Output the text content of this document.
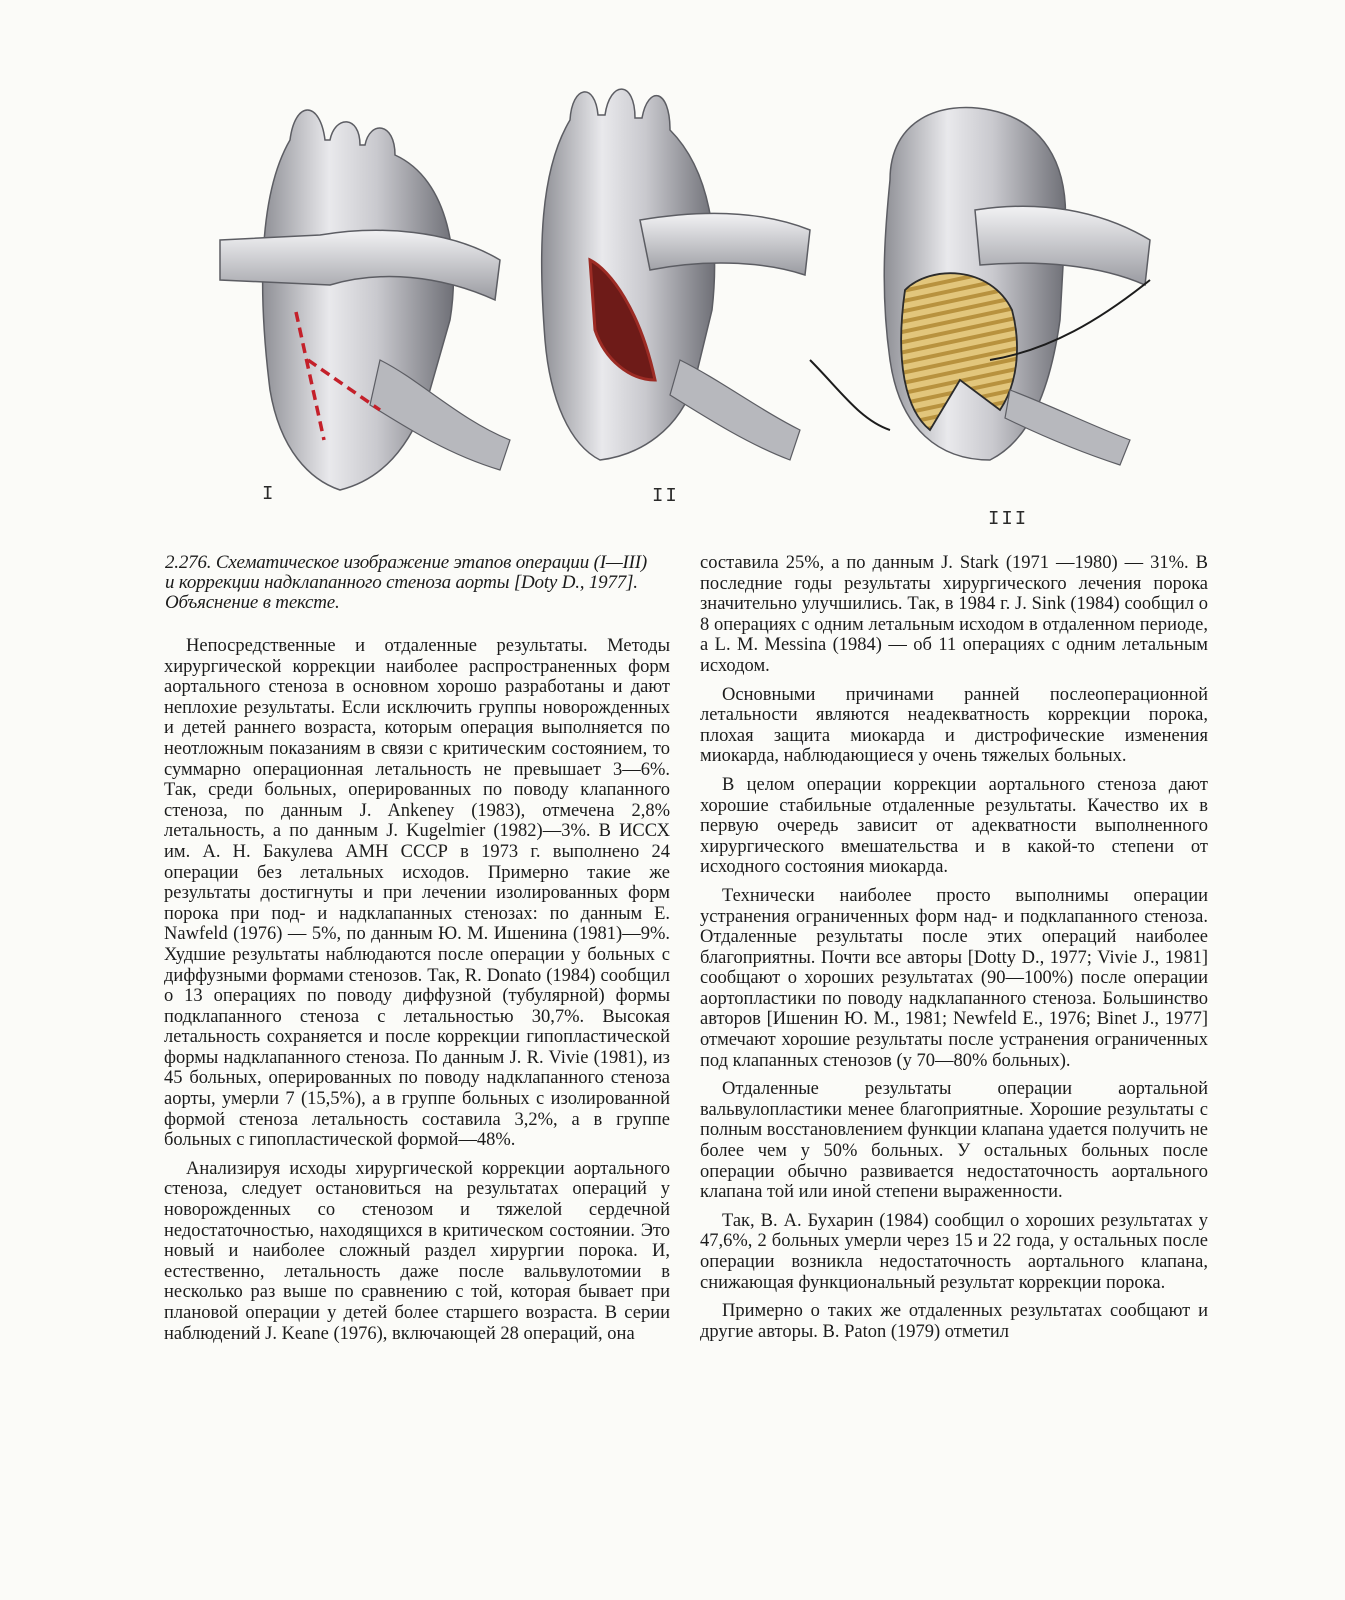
I	II
III
2.276. Схематическое изображение этапов операции (I—III)
и коррекции надклапанного стеноза аорты [Doty D., 1977].
Объяснение в тексте.

Непосредственные и отдаленные результаты. Методы хирургической коррекции наиболее распространенных форм аортального стеноза в основном хорошо разработаны и дают неплохие результаты. Если исключить группы новорожденных и детей раннего возраста, которым операция выполняется по неотложным показаниям в связи с критическим состоянием, то суммарно операционная летальность не превышает 3—6%. Так, среди больных, оперированных по поводу клапанного стеноза, по данным J. Ankeney (1983), отмечена 2,8% летальность, а по данным J. Kugelmier (1982)—3%. В ИССХ им. А. Н. Бакулева АМН СССР в 1973 г. выполнено 24 операции без летальных исходов. Примерно такие же результаты достигнуты и при лечении изолированных форм порока при под- и надклапанных стенозах: по данным Е. Nawfeld (1976) — 5%, по данным Ю. М. Ишенина (1981)—9%. Худшие результаты наблюдаются после операции у больных с диффузными формами стенозов. Так, R. Donato (1984) сообщил о 13 операциях по поводу диффузной (тубулярной) формы подклапанного стеноза с летальностью 30,7%. Высокая летальность сохраняется и после коррекции гипопластической формы надклапанного стеноза. По данным J. R. Vivie (1981), из 45 больных, оперированных по поводу надклапанного стеноза аорты, умерли 7 (15,5%), а в группе больных с изолированной формой стеноза летальность составила 3,2%, а в группе больных с гипопластической формой—48%.

Анализируя исходы хирургической коррекции аортального стеноза, следует остановиться на результатах операций у новорожденных со стенозом и тяжелой сердечной недостаточностью, находящихся в критическом состоянии. Это новый и наиболее сложный раздел хирургии порока. И, естественно, летальность даже после вальвулотомии в несколько раз выше по сравнению с той, которая бывает при плановой операции у детей более старшего возраста. В серии наблюдений J. Keane (1976), включающей 28 операций, она

составила 25%, а по данным J. Stark (1971 —1980) — 31%. В последние годы результаты хирургического лечения порока значительно улучшились. Так, в 1984 г. J. Sink (1984) сообщил о 8 операциях с одним летальным исходом в отдаленном периоде, а L. M. Messina (1984) — об 11 операциях с одним летальным исходом.

Основными причинами ранней послеоперационной летальности являются неадекватность коррекции порока, плохая защита миокарда и дистрофические изменения миокарда, наблюдающиеся у очень тяжелых больных.

В целом операции коррекции аортального стеноза дают хорошие стабильные отдаленные результаты. Качество их в первую очередь зависит от адекватности выполненного хирургического вмешательства и в какой-то степени от исходного состояния миокарда.

Технически наиболее просто выполнимы операции устранения ограниченных форм над- и подклапанного стеноза. Отдаленные результаты после этих операций наиболее благоприятны. Почти все авторы [Dotty D., 1977; Vivie J., 1981] сообщают о хороших результатах (90—100%) после операции аортопластики по поводу надклапанного стеноза. Большинство авторов [Ишенин Ю. М., 1981; Newfeld Е., 1976; Binet J., 1977] отмечают хорошие результаты после устранения ограниченных под клапанных стенозов (у 70—80% больных).

Отдаленные результаты операции аортальной вальвулопластики менее благоприятные. Хорошие результаты с полным восстановлением функции клапана удается получить не более чем у 50% больных. У остальных больных после операции обычно развивается недостаточность аортального клапана той или иной степени выраженности.

Так, В. А. Бухарин (1984) сообщил о хороших результатах у 47,6%, 2 больных умерли через 15 и 22 года, у остальных после операции возникла недостаточность аортального клапана, снижающая функциональный результат коррекции порока.

Примерно о таких же отдаленных результатах сообщают и другие авторы. В. Paton (1979) отметил
